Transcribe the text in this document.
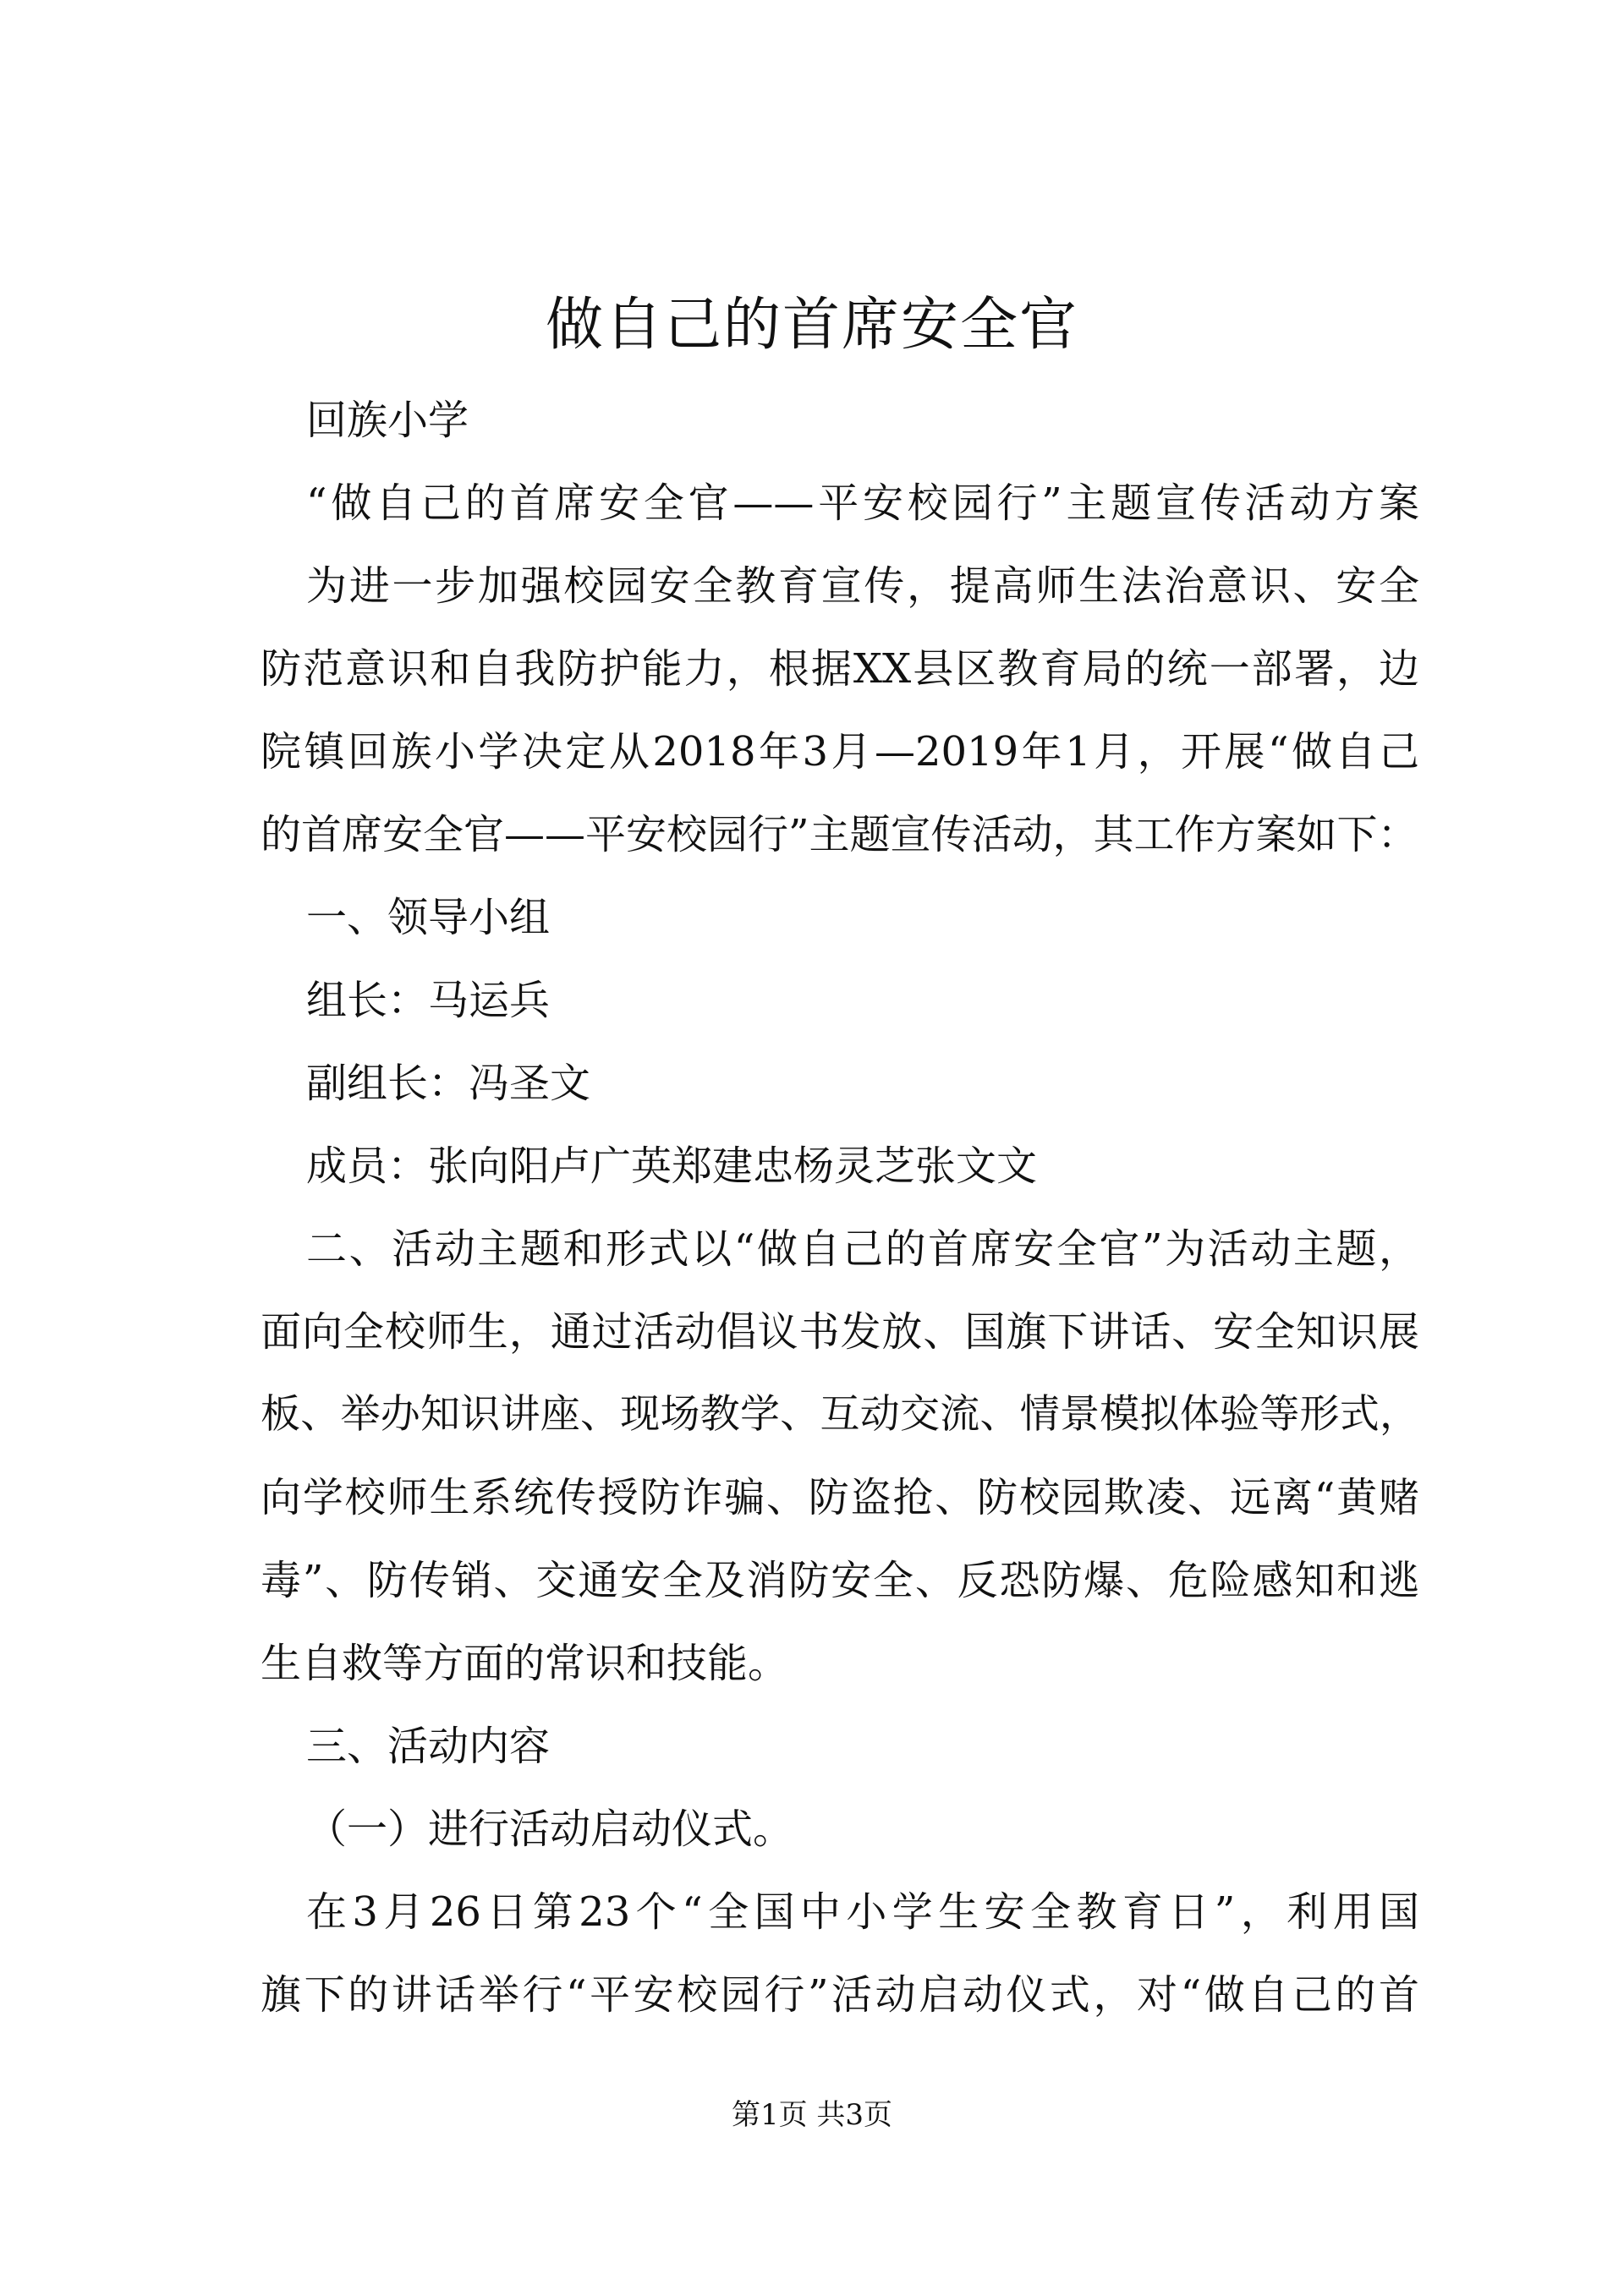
做自己的首席安全官
回族小学
“做自己的首席安全官——平安校园行”主题宣传活动方案
为进一步加强校园安全教育宣传，提高师生法治意识、安全
防范意识和自我防护能力，根据XX县区教育局的统一部署，边
院镇回族小学决定从2018年3月—2019年1月，开展“做自己
的首席安全官——平安校园行”主题宣传活动，其工作方案如下：
一、领导小组
组长：马运兵
副组长：冯圣文
成员：张向阳卢广英郑建忠杨灵芝张文文
二、活动主题和形式以“做自己的首席安全官”为活动主题，
面向全校师生，通过活动倡议书发放、国旗下讲话、安全知识展
板、举办知识讲座、现场教学、互动交流、情景模拟体验等形式，
向学校师生系统传授防诈骗、防盗抢、防校园欺凌、远离“黄赌
毒”、防传销、交通安全及消防安全、反恐防爆、危险感知和逃
生自救等方面的常识和技能。
三、活动内容
（一）进行活动启动仪式。
在3月26日第23个“全国中小学生安全教育日”，利用国
旗下的讲话举行“平安校园行”活动启动仪式，对“做自己的首
第1页 共3页
